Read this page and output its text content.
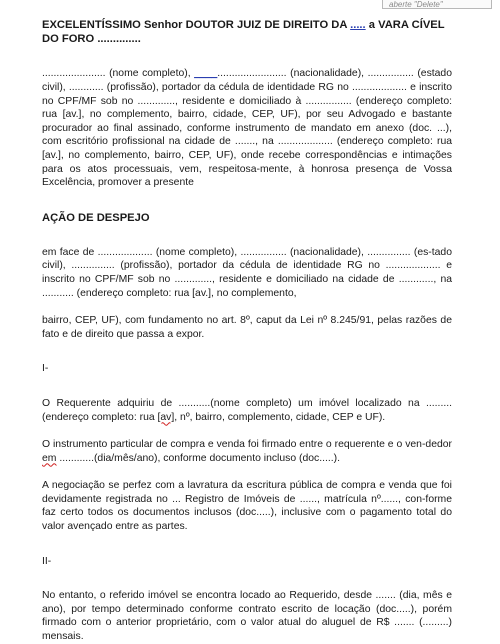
aberte "Delete"

EXCELENTÍSSIMO Senhor DOUTOR JUIZ DE DIREITO DA ..... a VARA CÍVEL DO FORO ..............

...................... (nome completo), ____........................ (nacionalidade), ................ (estado civil), ............ (profissão), portador da cédula de identidade RG no ................... e inscrito no CPF/MF sob no ............., residente e domiciliado à ................ (endereço completo: rua [av.], no complemento, bairro, cidade, CEP, UF), por seu Advogado e bastante procurador ao final assinado, conforme instrumento de mandato em anexo (doc. ...), com escritório profissional na cidade de ......., na ................... (endereço completo: rua [av.], no complemento, bairro, CEP, UF), onde recebe correspondências e intimações para os atos processuais, vem, respeitosa-mente, à honrosa presença de Vossa Excelência, promover a presente

AÇÃO DE DESPEJO

em face de ................... (nome completo), ................ (nacionalidade), ............... (es-tado civil), ............... (profissão), portador da cédula de identidade RG no ................... e inscrito no CPF/MF sob no ............., residente e domiciliado na cidade de ............, na ........... (endereço completo: rua [av.], no complemento,

bairro, CEP, UF), com fundamento no art. 8º, caput da Lei nº 8.245/91, pelas razões de fato e de direito que passa a expor.

I-

O Requerente adquiriu de ...........(nome completo) um imóvel localizado na .........(endereço completo: rua [av], nº, bairro, complemento, cidade, CEP e UF).

O instrumento particular de compra e venda foi firmado entre o requerente e o ven-dedor em ............(dia/mês/ano), conforme documento incluso (doc.....).

A negociação se perfez com a lavratura da escritura pública de compra e venda que foi devidamente registrada no ... Registro de Imóveis de ......, matrícula nº......, con-forme faz certo todos os documentos inclusos (doc.....), inclusive com o pagamento total do valor avençado entre as partes.

II-

No entanto, o referido imóvel se encontra locado ao Requerido, desde ....... (dia, mês e ano), por tempo determinado conforme contrato escrito de locação (doc.....), porém firmado com o anterior proprietário, com o valor atual do aluguel de R$ ....... (.........) mensais.
